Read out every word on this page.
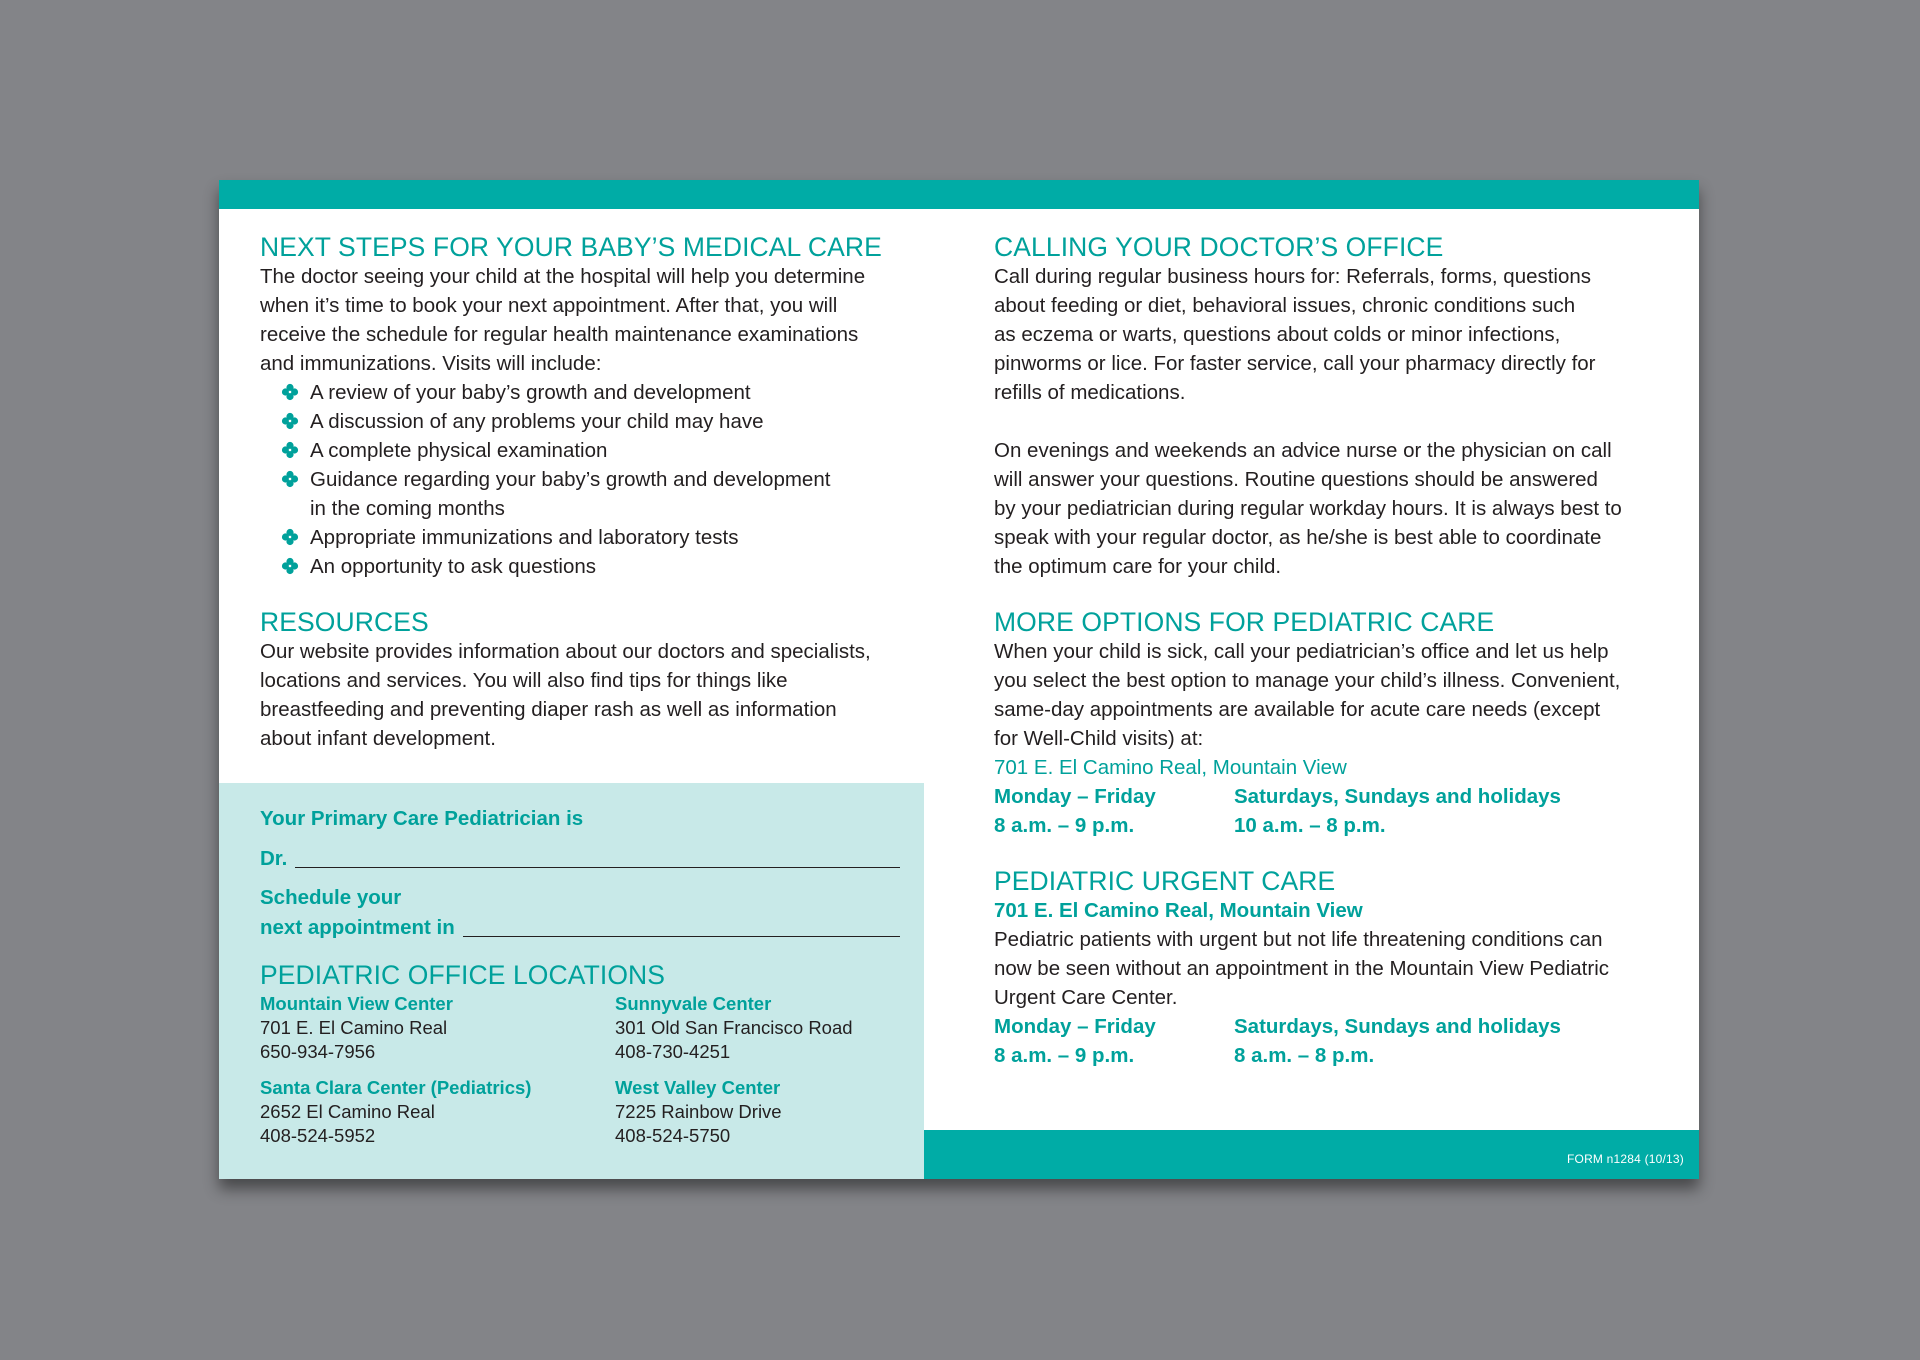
FORM n1284 (10/13)
NEXT STEPS FOR YOUR BABY’S MEDICAL CARE
The doctor seeing your child at the hospital will help you determine
when it’s time to book your next appointment. After that, you will
receive the schedule for regular health maintenance examinations
and immunizations. Visits will include:
A review of your baby’s growth and development
A discussion of any problems your child may have
A complete physical examination
Guidance regarding your baby’s growth and development
in the coming months
Appropriate immunizations and laboratory tests
An opportunity to ask questions
RESOURCES
Our website provides information about our doctors and specialists,
locations and services. You will also find tips for things like
breastfeeding and preventing diaper rash as well as information
about infant development.
Your Primary Care Pediatrician is
Dr.
Schedule your
next appointment in
PEDIATRIC OFFICE LOCATIONS
Mountain View Center
701 E. El Camino Real
650-934-7956
Sunnyvale Center
301 Old San Francisco Road
408-730-4251
Santa Clara Center (Pediatrics)
2652 El Camino Real
408-524-5952
West Valley Center
7225 Rainbow Drive
408-524-5750
CALLING YOUR DOCTOR’S OFFICE
Call during regular business hours for: Referrals, forms, questions
about feeding or diet, behavioral issues, chronic conditions such
as eczema or warts, questions about colds or minor infections,
pinworms or lice. For faster service, call your pharmacy directly for
refills of medications.
On evenings and weekends an advice nurse or the physician on call
will answer your questions. Routine questions should be answered
by your pediatrician during regular workday hours. It is always best to
speak with your regular doctor, as he/she is best able to coordinate
the optimum care for your child.
MORE OPTIONS FOR PEDIATRIC CARE
When your child is sick, call your pediatrician’s office and let us help
you select the best option to manage your child’s illness. Convenient,
same-day appointments are available for acute care needs (except
for Well-Child visits) at:
701 E. El Camino Real, Mountain View
Monday – Friday
8 a.m. – 9 p.m.
Saturdays, Sundays and holidays
10 a.m. – 8 p.m.
PEDIATRIC URGENT CARE
701 E. El Camino Real, Mountain View
Pediatric patients with urgent but not life threatening conditions can
now be seen without an appointment in the Mountain View Pediatric
Urgent Care Center.
Monday – Friday
8 a.m. – 9 p.m.
Saturdays, Sundays and holidays
8 a.m. – 8 p.m.
